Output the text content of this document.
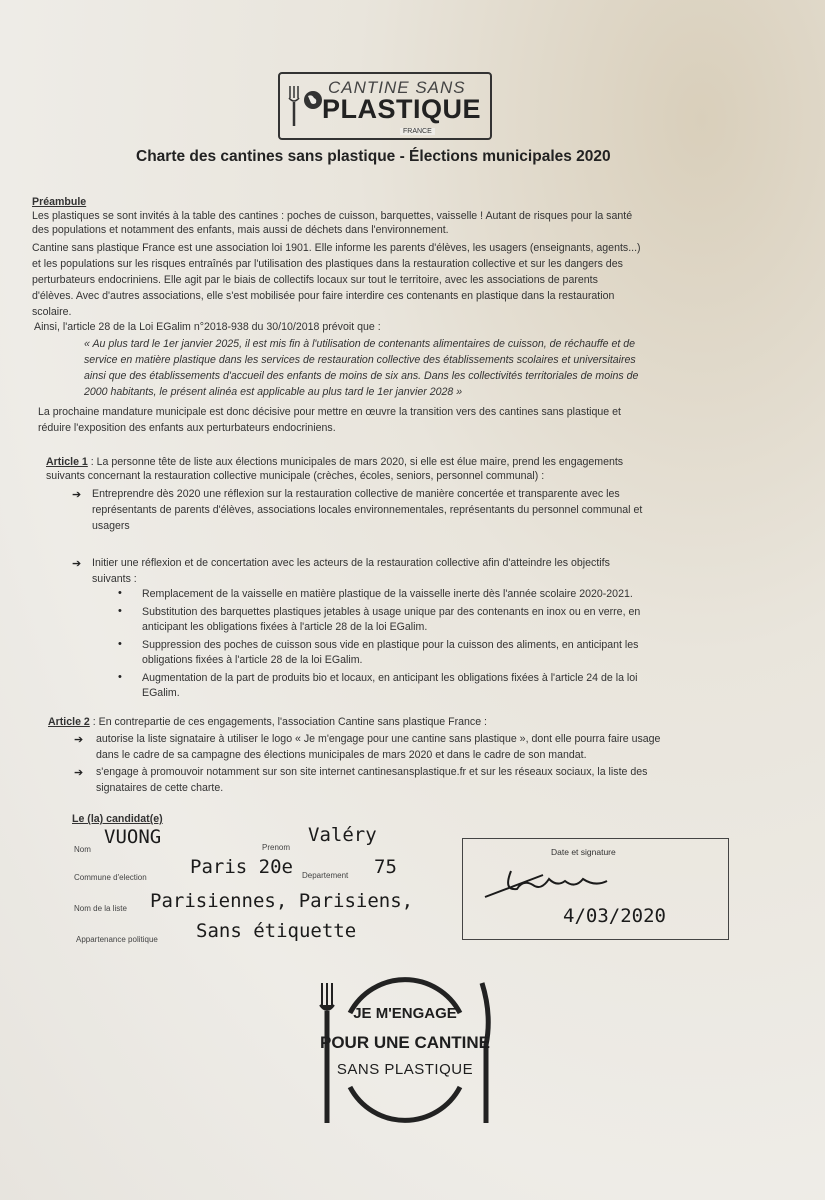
CANTINE SANS
PLASTIQUE
FRANCE
Charte des cantines sans plastique - Élections municipales 2020
Préambule
Les plastiques se sont invités à la table des cantines : poches de cuisson, barquettes, vaisselle ! Autant de risques pour la santé
des populations et notamment des enfants, mais aussi de déchets dans l'environnement.
Cantine sans plastique France est une association loi 1901. Elle informe les parents d'élèves, les usagers (enseignants, agents...)
et les populations sur les risques entraînés par l'utilisation des plastiques dans la restauration collective et sur les dangers des
perturbateurs endocriniens. Elle agit par le biais de collectifs locaux sur tout le territoire, avec les associations de parents
d'élèves. Avec d'autres associations, elle s'est mobilisée pour faire interdire ces contenants en plastique dans la restauration
scolaire.
Ainsi, l'article 28 de la Loi EGalim n°2018-938 du 30/10/2018 prévoit que :
« Au plus tard le 1er janvier 2025, il est mis fin à l'utilisation de contenants alimentaires de cuisson, de réchauffe et de
service en matière plastique dans les services de restauration collective des établissements scolaires et universitaires
ainsi que des établissements d'accueil des enfants de moins de six ans. Dans les collectivités territoriales de moins de
2000 habitants, le présent alinéa est applicable au plus tard le 1er janvier 2028 »
La prochaine mandature municipale est donc décisive pour mettre en œuvre la transition vers des cantines sans plastique et
réduire l'exposition des enfants aux perturbateurs endocriniens.
Article 1 : La personne tête de liste aux élections municipales de mars 2020, si elle est élue maire, prend les engagements
suivants concernant la restauration collective municipale (crèches, écoles, seniors, personnel communal) :
➔ Entreprendre dès 2020 une réflexion sur la restauration collective de manière concertée et transparente avec les
représentants de parents d'élèves, associations locales environnementales, représentants du personnel communal et
usagers
➔ Initier une réflexion et de concertation avec les acteurs de la restauration collective afin d'atteindre les objectifs
suivants :
• Remplacement de la vaisselle en matière plastique de la vaisselle inerte dès l'année scolaire 2020-2021.
• Substitution des barquettes plastiques jetables à usage unique par des contenants en inox ou en verre, en
anticipant les obligations fixées à l'article 28 de la loi EGalim.
• Suppression des poches de cuisson sous vide en plastique pour la cuisson des aliments, en anticipant les
obligations fixées à l'article 28 de la loi EGalim.
• Augmentation de la part de produits bio et locaux, en anticipant les obligations fixées à l'article 24 de la loi
EGalim.
Article 2 : En contrepartie de ces engagements, l'association Cantine sans plastique France :
➔ autorise la liste signataire à utiliser le logo « Je m'engage pour une cantine sans plastique », dont elle pourra faire usage
dans le cadre de sa campagne des élections municipales de mars 2020 et dans le cadre de son mandat.
➔ s'engage à promouvoir notamment sur son site internet cantinesansplastique.fr et sur les réseaux sociaux, la liste des
signataires de cette charte.
Le (la) candidat(e)
Nom
VUONG	Prenom
Valéry
Commune d'election Paris 20e Departement 75
Nom de la liste Parisiennes, Parisiens,
Appartenance politique Sans étiquette
Date et signature
4/03/2020
JE M'ENGAGE
POUR UNE CANTINE
SANS PLASTIQUE
